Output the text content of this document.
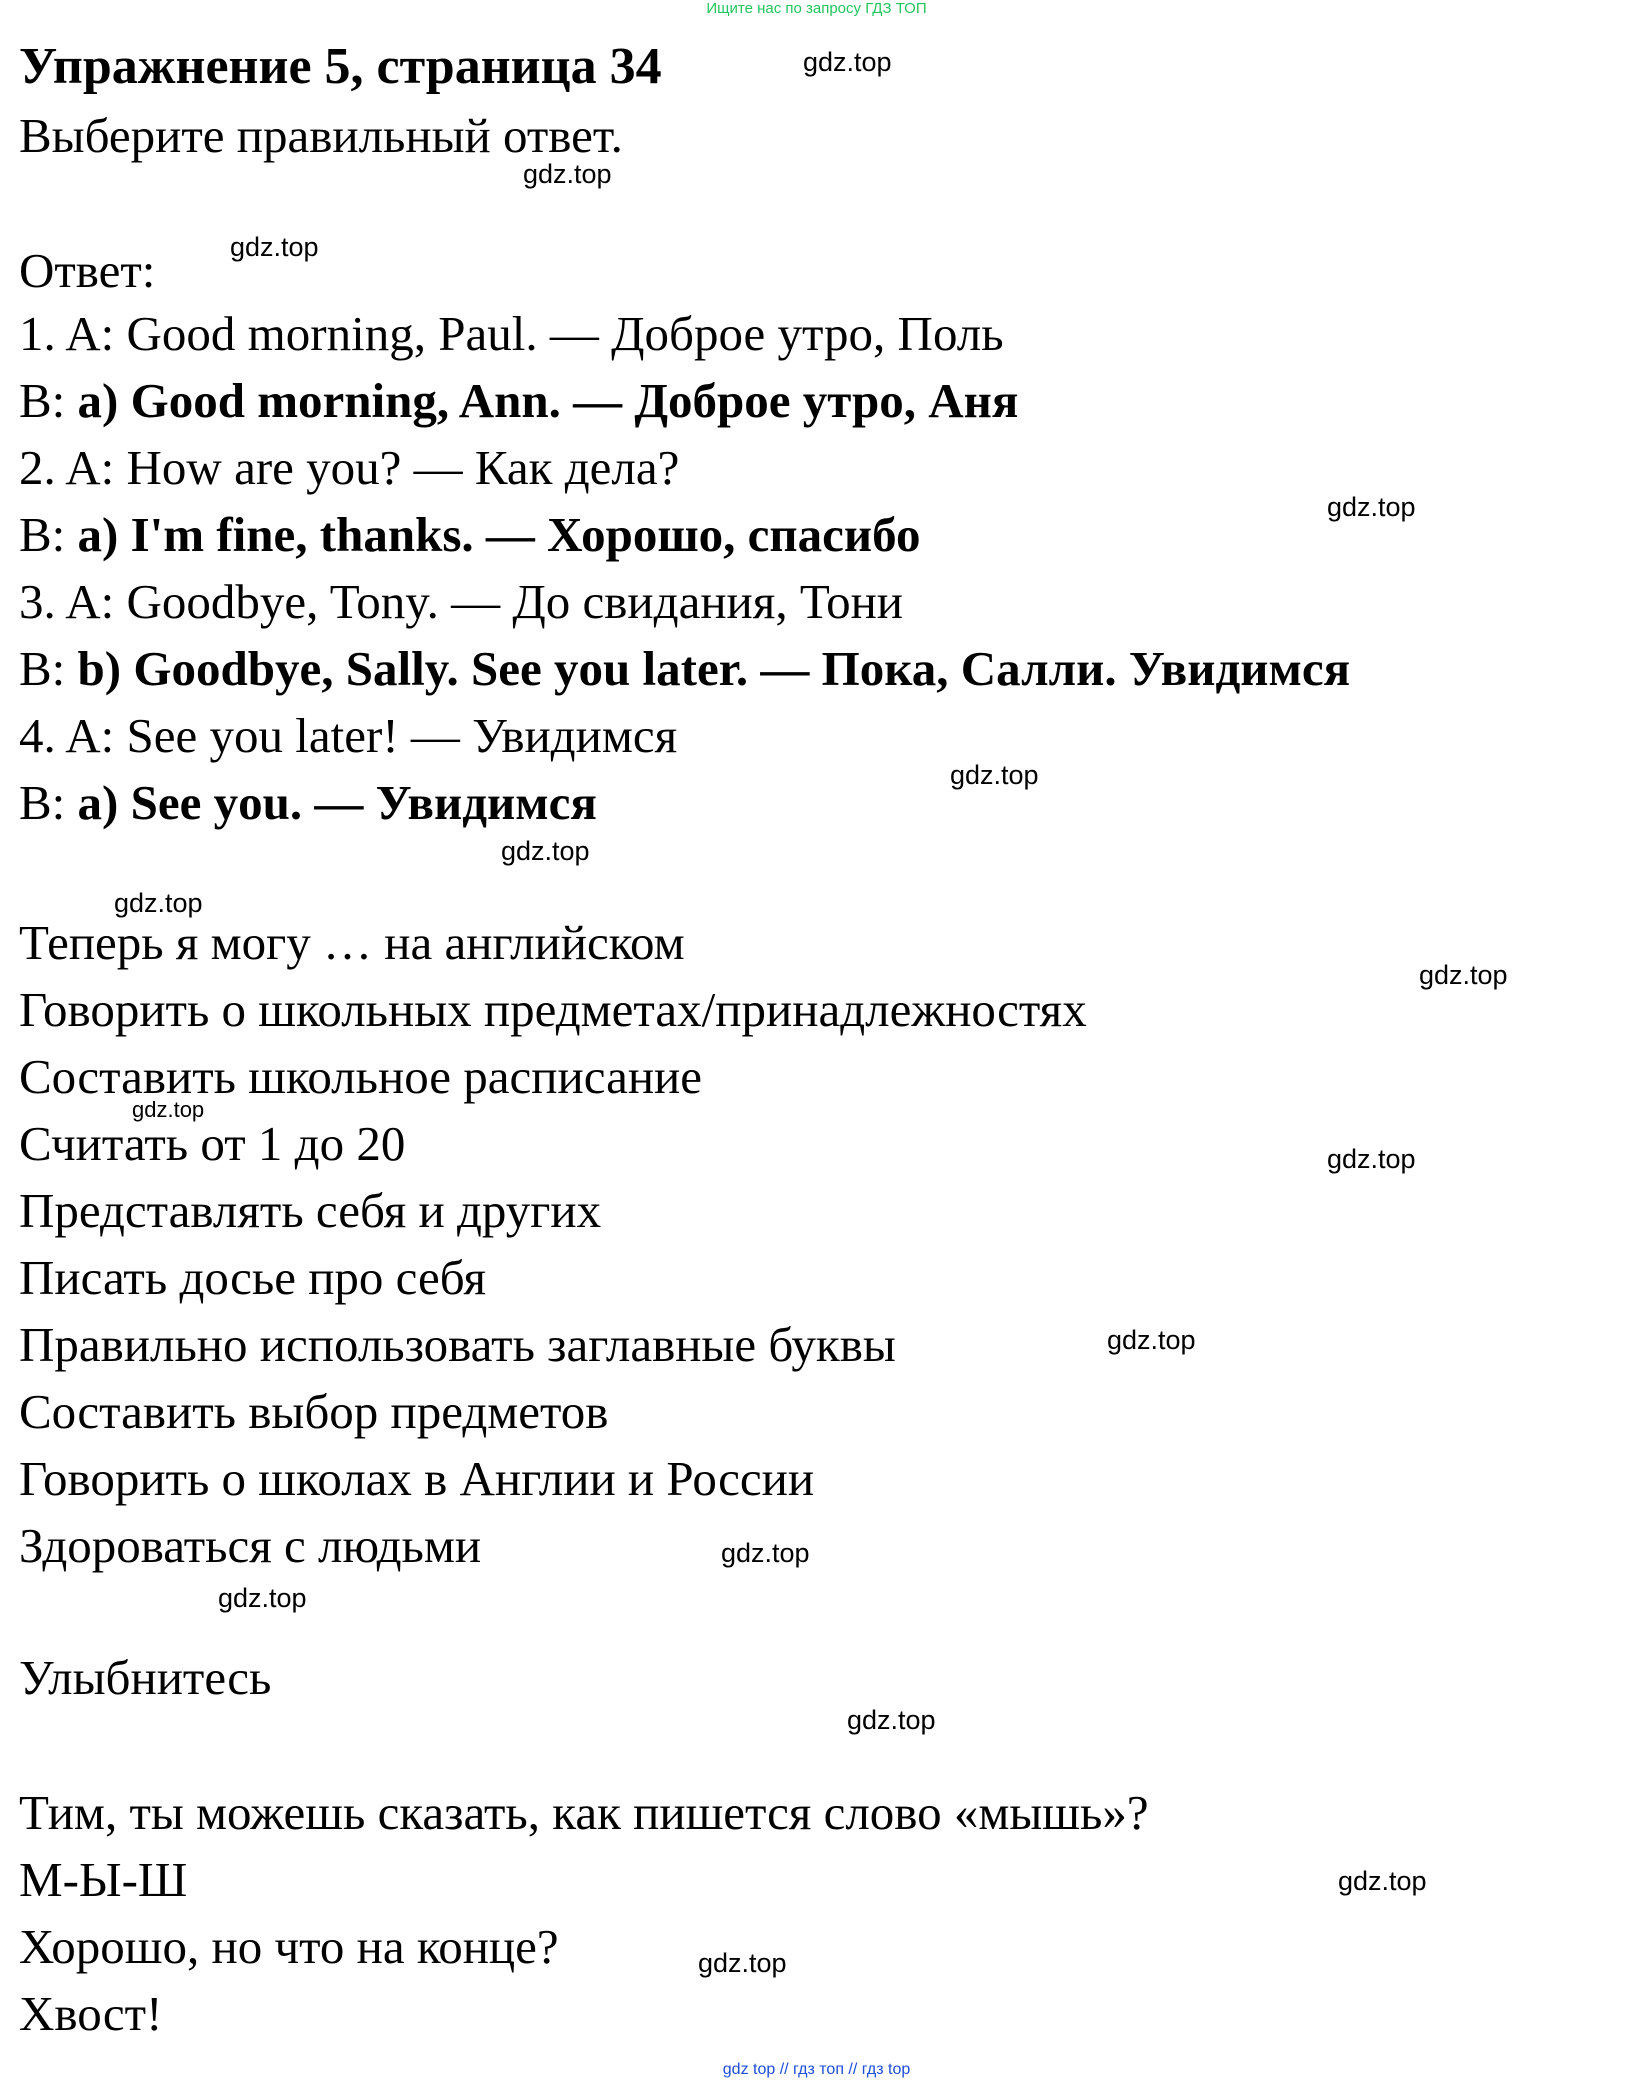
Ищите нас по запросу ГДЗ ТОП
Упражнение 5, страница 34
Выберите правильный ответ.
Ответ:
1. A: Good morning, Paul. — Доброе утро, Поль
B: a) Good morning, Ann. — Доброе утро, Аня
2. A: How are you? — Как дела?
B: a) I'm fine, thanks. — Хорошо, спасибо
3. A: Goodbye, Tony. — До свидания, Тони
B: b) Goodbye, Sally. See you later. — Пока, Салли. Увидимся
4. A: See you later! — Увидимся
B: a) See you. — Увидимся
Теперь я могу … на английском
Говорить о школьных предметах/принадлежностях
Составить школьное расписание
Считать от 1 до 20
Представлять себя и других
Писать досье про себя
Правильно использовать заглавные буквы
Составить выбор предметов
Говорить о школах в Англии и России
Здороваться с людьми
Улыбнитесь
Тим, ты можешь сказать, как пишется слово «мышь»?
М-Ы-Ш
Хорошо, но что на конце?
Хвост!
gdz.top
gdz.top
gdz.top
gdz.top
gdz.top
gdz.top
gdz.top
gdz.top
gdz.top
gdz.top
gdz.top
gdz.top
gdz.top
gdz.top
gdz.top
gdz.top
gdz top // гдз топ // гдз top
